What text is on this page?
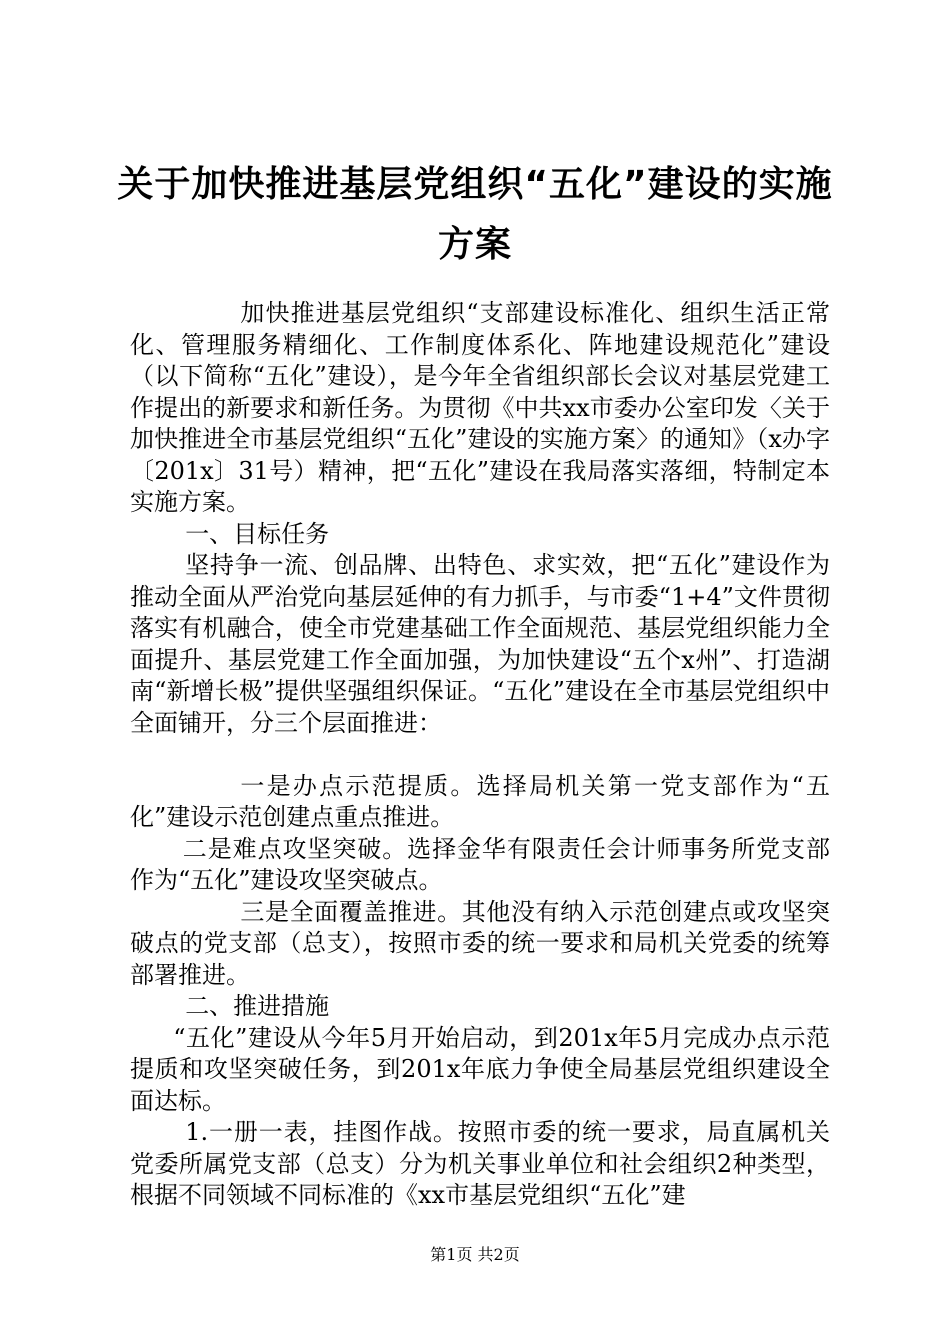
关于加快推进基层党组织“五化”建设的实施
方案

加快推进基层党组织“支部建设标准化、组织生活正常化、管理服务精细化、工作制度体系化、阵地建设规范化”建设（以下简称“五化”建设），是今年全省组织部长会议对基层党建工作提出的新要求和新任务。为贯彻《中共xx市委办公室印发〈关于加快推进全市基层党组织“五化”建设的实施方案〉的通知》（x办字〔201x〕31号）精神，把“五化”建设在我局落实落细，特制定本实施方案。

一、目标任务

坚持争一流、创品牌、出特色、求实效，把“五化”建设作为推动全面从严治党向基层延伸的有力抓手，与市委“1+4”文件贯彻落实有机融合，使全市党建基础工作全面规范、基层党组织能力全面提升、基层党建工作全面加强，为加快建设“五个x州”、打造湖南“新增长极”提供坚强组织保证。“五化”建设在全市基层党组织中全面铺开，分三个层面推进：

一是办点示范提质。选择局机关第一党支部作为“五化”建设示范创建点重点推进。

二是难点攻坚突破。选择金华有限责任会计师事务所党支部作为“五化”建设攻坚突破点。

三是全面覆盖推进。其他没有纳入示范创建点或攻坚突破点的党支部（总支），按照市委的统一要求和局机关党委的统筹部署推进。

二、推进措施

“五化”建设从今年5月开始启动，到201x年5月完成办点示范提质和攻坚突破任务，到201x年底力争使全局基层党组织建设全面达标。

1.一册一表，挂图作战。按照市委的统一要求，局直属机关党委所属党支部（总支）分为机关事业单位和社会组织2种类型，根据不同领域不同标准的《xx市基层党组织“五化”建

第1页 共2页
